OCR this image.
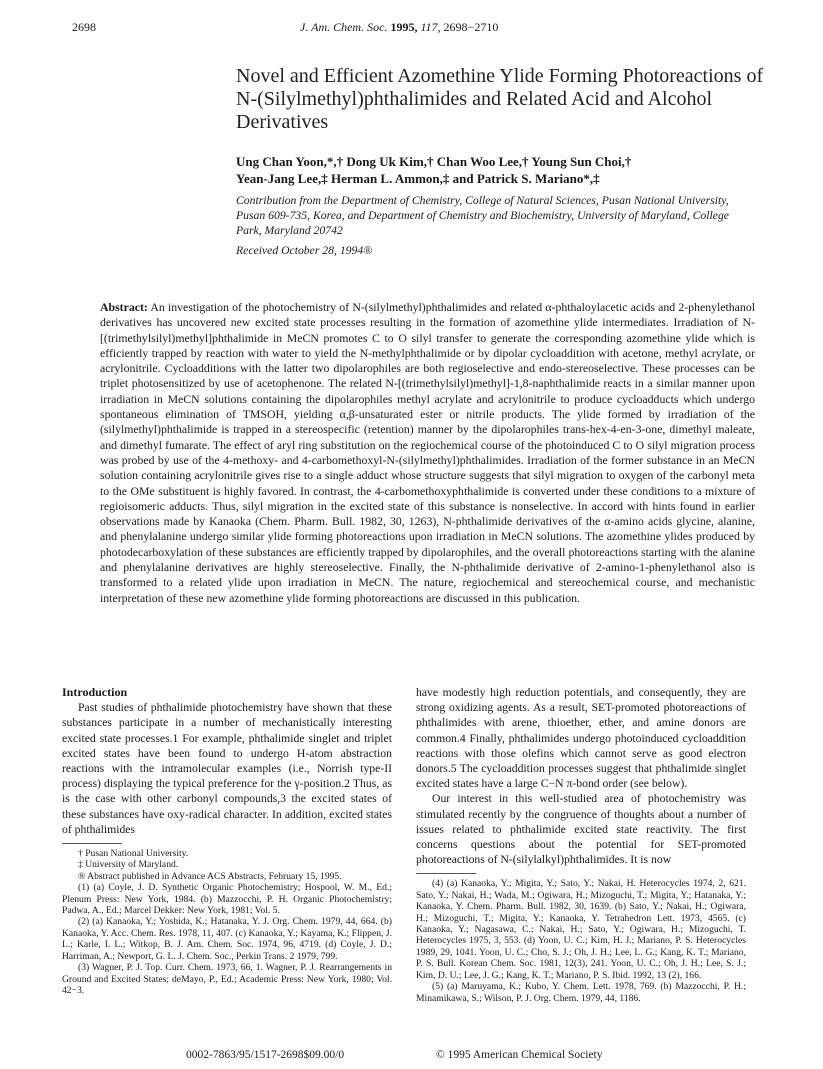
2698	J. Am. Chem. Soc. 1995, 117, 2698−2710
Novel and Efficient Azomethine Ylide Forming Photoreactions of N-(Silylmethyl)phthalimides and Related Acid and Alcohol Derivatives
Ung Chan Yoon,*,† Dong Uk Kim,† Chan Woo Lee,† Young Sun Choi,†
Yean-Jang Lee,‡ Herman L. Ammon,‡ and Patrick S. Mariano*,‡
Contribution from the Department of Chemistry, College of Natural Sciences, Pusan National University, Pusan 609-735, Korea, and Department of Chemistry and Biochemistry, University of Maryland, College Park, Maryland 20742
Received October 28, 1994®
Abstract: An investigation of the photochemistry of N-(silylmethyl)phthalimides and related α-phthaloylacetic acids and 2-phenylethanol derivatives has uncovered new excited state processes resulting in the formation of azomethine ylide intermediates. Irradiation of N-[(trimethylsilyl)methyl]phthalimide in MeCN promotes C to O silyl transfer to generate the corresponding azomethine ylide which is efficiently trapped by reaction with water to yield the N-methylphthalimide or by dipolar cycloaddition with acetone, methyl acrylate, or acrylonitrile. Cycloadditions with the latter two dipolarophiles are both regioselective and endo-stereoselective. These processes can be triplet photosensitized by use of acetophenone. The related N-[(trimethylsilyl)methyl]-1,8-naphthalimide reacts in a similar manner upon irradiation in MeCN solutions containing the dipolarophiles methyl acrylate and acrylonitrile to produce cycloadducts which undergo spontaneous elimination of TMSOH, yielding α,β-unsaturated ester or nitrile products. The ylide formed by irradiation of the (silylmethyl)phthalimide is trapped in a stereospecific (retention) manner by the dipolarophiles trans-hex-4-en-3-one, dimethyl maleate, and dimethyl fumarate. The effect of aryl ring substitution on the regiochemical course of the photoinduced C to O silyl migration process was probed by use of the 4-methoxy- and 4-carbomethoxyl-N-(silylmethyl)phthalimides. Irradiation of the former substance in an MeCN solution containing acrylonitrile gives rise to a single adduct whose structure suggests that silyl migration to oxygen of the carbonyl meta to the OMe substituent is highly favored. In contrast, the 4-carbomethoxyphthalimide is converted under these conditions to a mixture of regioisomeric adducts. Thus, silyl migration in the excited state of this substance is nonselective. In accord with hints found in earlier observations made by Kanaoka (Chem. Pharm. Bull. 1982, 30, 1263), N-phthalimide derivatives of the α-amino acids glycine, alanine, and phenylalanine undergo similar ylide forming photoreactions upon irradiation in MeCN solutions. The azomethine ylides produced by photodecarboxylation of these substances are efficiently trapped by dipolarophiles, and the overall photoreactions starting with the alanine and phenylalanine derivatives are highly stereoselective. Finally, the N-phthalimide derivative of 2-amino-1-phenylethanol also is transformed to a related ylide upon irradiation in MeCN. The nature, regiochemical and stereochemical course, and mechanistic interpretation of these new azomethine ylide forming photoreactions are discussed in this publication.

Introduction

Past studies of phthalimide photochemistry have shown that these substances participate in a number of mechanistically interesting excited state processes.1 For example, phthalimide singlet and triplet excited states have been found to undergo H-atom abstraction reactions with the intramolecular examples (i.e., Norrish type-II process) displaying the typical preference for the γ-position.2 Thus, as is the case with other carbonyl compounds,3 the excited states of these substances have oxy-radical character. In addition, excited states of phthalimides

† Pusan National University.

‡ University of Maryland.

® Abstract published in Advance ACS Abstracts, February 15, 1995.

(1) (a) Coyle, J. D. Synthetic Organic Photochemistry; Hospool, W. M., Ed.; Plenum Press: New York, 1984. (b) Mazzocchi, P. H. Organic Photochemistry; Padwa, A., Ed.; Marcel Dekker: New York, 1981; Vol. 5.

(2) (a) Kanaoka, Y.; Yoshida, K.; Hatanaka, Y. J. Org. Chem. 1979, 44, 664. (b) Kanaoka, Y. Acc. Chem. Res. 1978, 11, 407. (c) Kanaoka, Y.; Kayama, K.; Flippen, J. L.; Karle, I. L.; Witkop, B. J. Am. Chem. Soc. 1974, 96, 4719. (d) Coyle, J. D.; Harriman, A.; Newport, G. L. J. Chem. Soc., Perkin Trans. 2 1979, 799.

(3) Wagner, P. J. Top. Curr. Chem. 1973, 66, 1. Wagner, P. J. Rearrangements in Ground and Excited States; deMayo, P., Ed.; Academic Press: New York, 1980; Vol. 42−3.

have modestly high reduction potentials, and consequently, they are strong oxidizing agents. As a result, SET-promoted photoreactions of phthalimides with arene, thioether, ether, and amine donors are common.4 Finally, phthalimides undergo photoinduced cycloaddition reactions with those olefins which cannot serve as good electron donors.5 The cycloaddition processes suggest that phthalimide singlet excited states have a large C−N π-bond order (see below).

Our interest in this well-studied area of photochemistry was stimulated recently by the congruence of thoughts about a number of issues related to phthalimide excited state reactivity. The first concerns questions about the potential for SET-promoted photoreactions of N-(silylalkyl)phthalimides. It is now

(4) (a) Kanaoka, Y.; Migita, Y.; Sato, Y.; Nakai, H. Heterocycles 1974, 2, 621. Sato, Y.; Nakai, H.; Wada, M.; Ogiwara, H.; Mizoguchi, T.; Migita, Y.; Hatanaka, Y.; Kanaoka, Y. Chem. Pharm. Bull. 1982, 30, 1639. (b) Sato, Y.; Nakai, H.; Ogiwara, H.; Mizoguchi, T.; Migita, Y.; Kanaoka, Y. Tetrahedron Lett. 1973, 4565. (c) Kanaoka, Y.; Nagasawa, C.; Nakai, H.; Sato, Y.; Ogiwara, H.; Mizoguchi, T. Heterocycles 1975, 3, 553. (d) Yoon, U. C.; Kim, H. J.; Mariano, P. S. Heterocycles 1989, 29, 1041. Yoon, U. C.; Cho, S. J.; Oh, J. H.; Lee, L. G.; Kang, K. T.; Mariano, P. S. Bull. Korean Chem. Soc. 1981, 12(3), 241. Yoon, U. C.; Oh, J. H.; Lee, S. J.; Kim, D. U.; Lee, J. G.; Kang, K. T.; Mariano, P. S. Ibid. 1992, 13 (2), 166.

(5) (a) Maruyama, K.; Kubo, Y. Chem. Lett. 1978, 769. (b) Mazzocchi, P. H.; Minamikawa, S.; Wilson, P. J. Org. Chem. 1979, 44, 1186.

0002-7863/95/1517-2698$09.00/0	© 1995 American Chemical Society
